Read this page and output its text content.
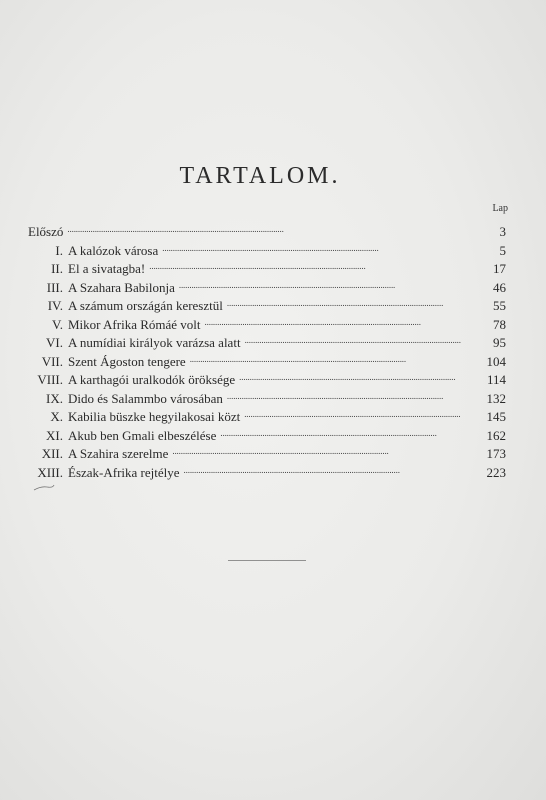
TARTALOM.
Lap
Előszó . . .	3
I. A kalózok városa . . .	5
II. El a sivatagba! . . .	17
III. A Szahara Babilonja . . .	46
IV. A számum országán keresztül . . .	55
V. Mikor Afrika Rómáé volt . . .	78
VI. A numídiai királyok varázsa alatt . . .	95
VII. Szent Ágoston tengere . . .	104
VIII. A karthagói uralkodók öröksége . . .	114
IX. Dido és Salammbo városában . . .	132
X. Kabilia büszke hegyilakosai közt . . .	145
XI. Akub ben Gmali elbeszélése . . .	162
XII. A Szahira szerelme . . .	173
XIII. Észak-Afrika rejtélye . . .	223
